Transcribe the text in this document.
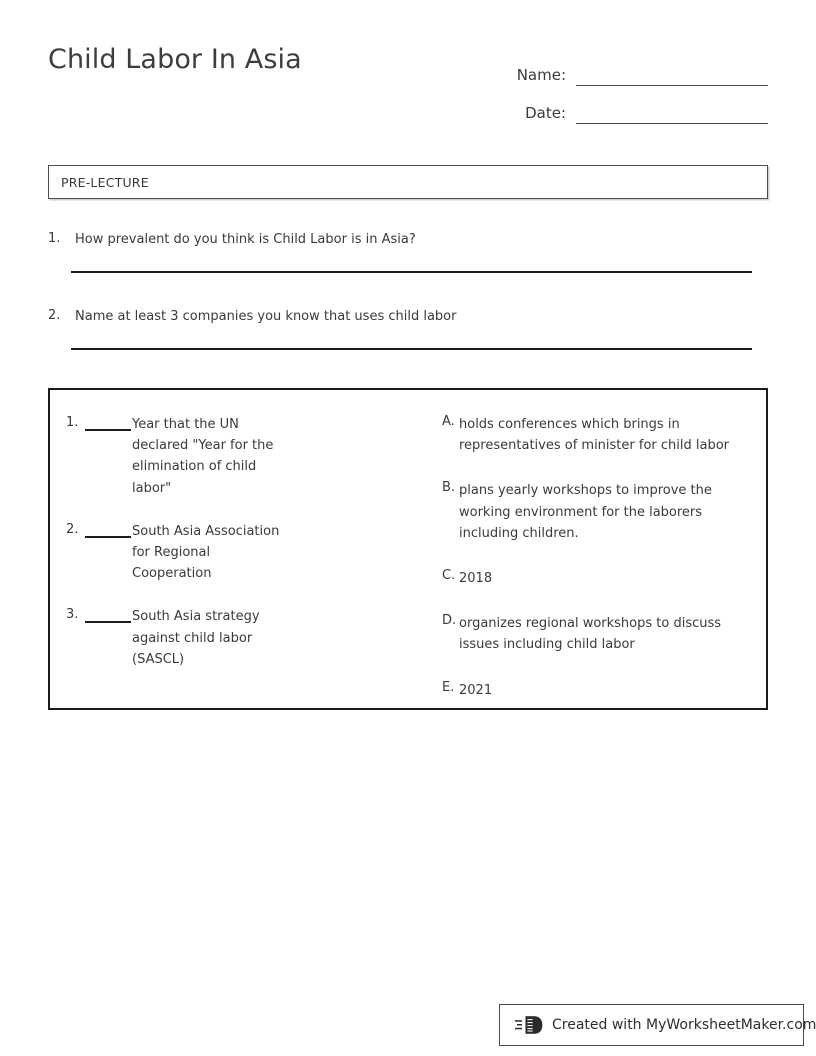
Child Labor In Asia	Name:
Date:
PRE-LECTURE
1.	How prevalent do you think is Child Labor is in Asia?
2.	Name at least 3 companies you know that uses child labor
1.	Year that the UN declared "Year for the elimination of child labor"
2.	South Asia Association for Regional Cooperation
3.	South Asia strategy against child labor (SASCL)
A. holds conferences which brings in representatives of minister for child labor
B. plans yearly workshops to improve the working environment for the laborers including children.
C. 2018
D. organizes regional workshops to discuss issues including child labor
E. 2021
Created with MyWorksheetMaker.com
